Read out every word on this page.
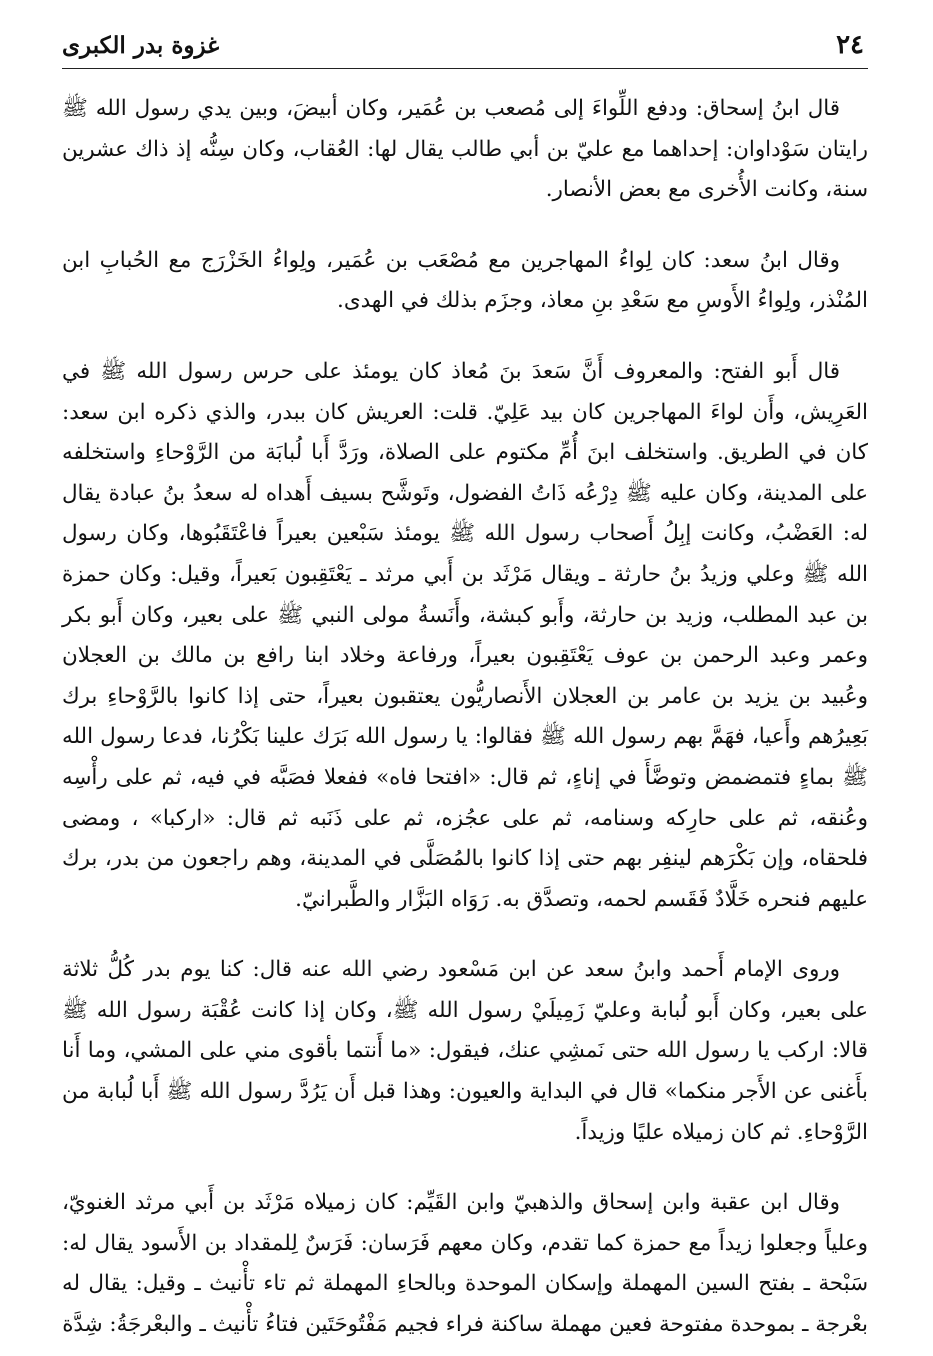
٢٤
غزوة بدر الكبرى

قال ابنُ إسحاق: ودفع اللِّواءَ إلى مُصعب بن عُمَير، وكان أبيضَ، وبين يدي رسول الله ﷺ رايتان سَوْداوان: إحداهما مع عليّ بن أبي طالب يقال لها: العُقاب، وكان سِنُّه إذ ذاك عشرين سنة، وكانت الأُخرى مع بعض الأنصار.

وقال ابنُ سعد: كان لِواءُ المهاجرين مع مُصْعَب بن عُمَير، ولِواءُ الخَزْرَج مع الحُبابِ ابن المُنْذر، ولِواءُ الأَوسِ مع سَعْدِ بنِ معاذ، وجزَم بذلك في الهدى.

قال أَبو الفتح: والمعروف أَنَّ سَعدَ بنَ مُعاذ كان يومئذ على حرس رسول الله ﷺ في العَرِيش، وأَن لواءَ المهاجرين كان بيد عَلِيّ. قلت: العريش كان ببدر، والذي ذكره ابن سعد: كان في الطريق. واستخلف ابنَ أُمِّ مكتوم على الصلاة، ورَدَّ أَبا لُبابَة من الرَّوْحاءِ واستخلفه على المدينة، وكان عليه ﷺ دِرْعُه ذَاتُ الفضول، وتَوشَّح بسيف أَهداه له سعدُ بنُ عبادة يقال له: العَضْبُ، وكانت إبِلُ أَصحاب رسول الله ﷺ يومئذ سَبْعين بعيراً فاعْتَقَبُوها، وكان رسول الله ﷺ وعلي وزيدُ بنُ حارثة ـ ويقال مَرْثَد بن أَبي مرثد ـ يَعْتَقِبون بَعيراً، وقيل: وكان حمزة بن عبد المطلب، وزيد بن حارثة، وأَبو كبشة، وأَنَسةُ مولى النبي ﷺ على بعير، وكان أَبو بكر وعمر وعبد الرحمن بن عوف يَعْتَقِبون بعيراً، ورفاعة وخلاد ابنا رافع بن مالك بن العجلان وعُبيد بن يزيد بن عامر بن العجلان الأَنصاريُّون يعتقبون بعيراً، حتى إذا كانوا بالرَّوْحاءِ برك بَعِيرُهم وأَعيا، فهَمَّ بهم رسول الله ﷺ فقالوا: يا رسول الله بَرَك علينا بَكْرُنا، فدعا رسول الله ﷺ بماءٍ فتمضمض وتوضَّأَ في إناءٍ، ثم قال: «افتحا فاه» ففعلا فصَبَّه في فيه، ثم على رأْسِه وعُنقه، ثم على حارِكه وسنامه، ثم على عجُزه، ثم على ذَنَبه ثم قال: «اركبا» ، ومضى فلحقاه، وإن بَكْرَهم لينفِر بهم حتى إذا كانوا بالمُصَلَّى في المدينة، وهم راجعون من بدر، برك عليهم فنحره خَلَّادٌ فَقَسم لحمه، وتصدَّق به. رَوَاه البَزَّار والطَّبرانيّ.

وروى الإمام أَحمد وابنُ سعد عن ابن مَسْعود رضي الله عنه قال: كنا يوم بدر كُلُّ ثلاثة على بعير، وكان أَبو لُبابة وعليّ زَمِيلَيْ رسول الله ﷺ، وكان إذا كانت عُقْبَة رسول الله ﷺ قالا: اركب يا رسول الله حتى نَمشِي عنك، فيقول: «ما أَنتما بأقوى مني على المشي، وما أَنا بأَغنى عن الأَجر منكما» قال في البداية والعيون: وهذا قبل أَن يَرُدَّ رسول الله ﷺ أَبا لُبابة من الرَّوْحاءِ. ثم كان زميلاه عليًا وزيداً.

وقال ابن عقبة وابن إسحاق والذهبيّ وابن القَيِّم: كان زميلاه مَرْثَد بن أَبي مرثد الغنويّ، وعلياً وجعلوا زيداً مع حمزة كما تقدم، وكان معهم فَرَسان: فَرَسٌ لِلمقداد بن الأَسود يقال له: سَبْحة ـ بفتح السين المهملة وإسكان الموحدة وبالحاءِ المهملة ثم تاء تأْنيث ـ وقيل: يقال له بعْرجة ـ بموحدة مفتوحة فعين مهملة ساكنة فراء فجيم مَفْتُوحَتَين فتاءُ تأْنيث ـ والبعْرجَةُ: شِدَّة
